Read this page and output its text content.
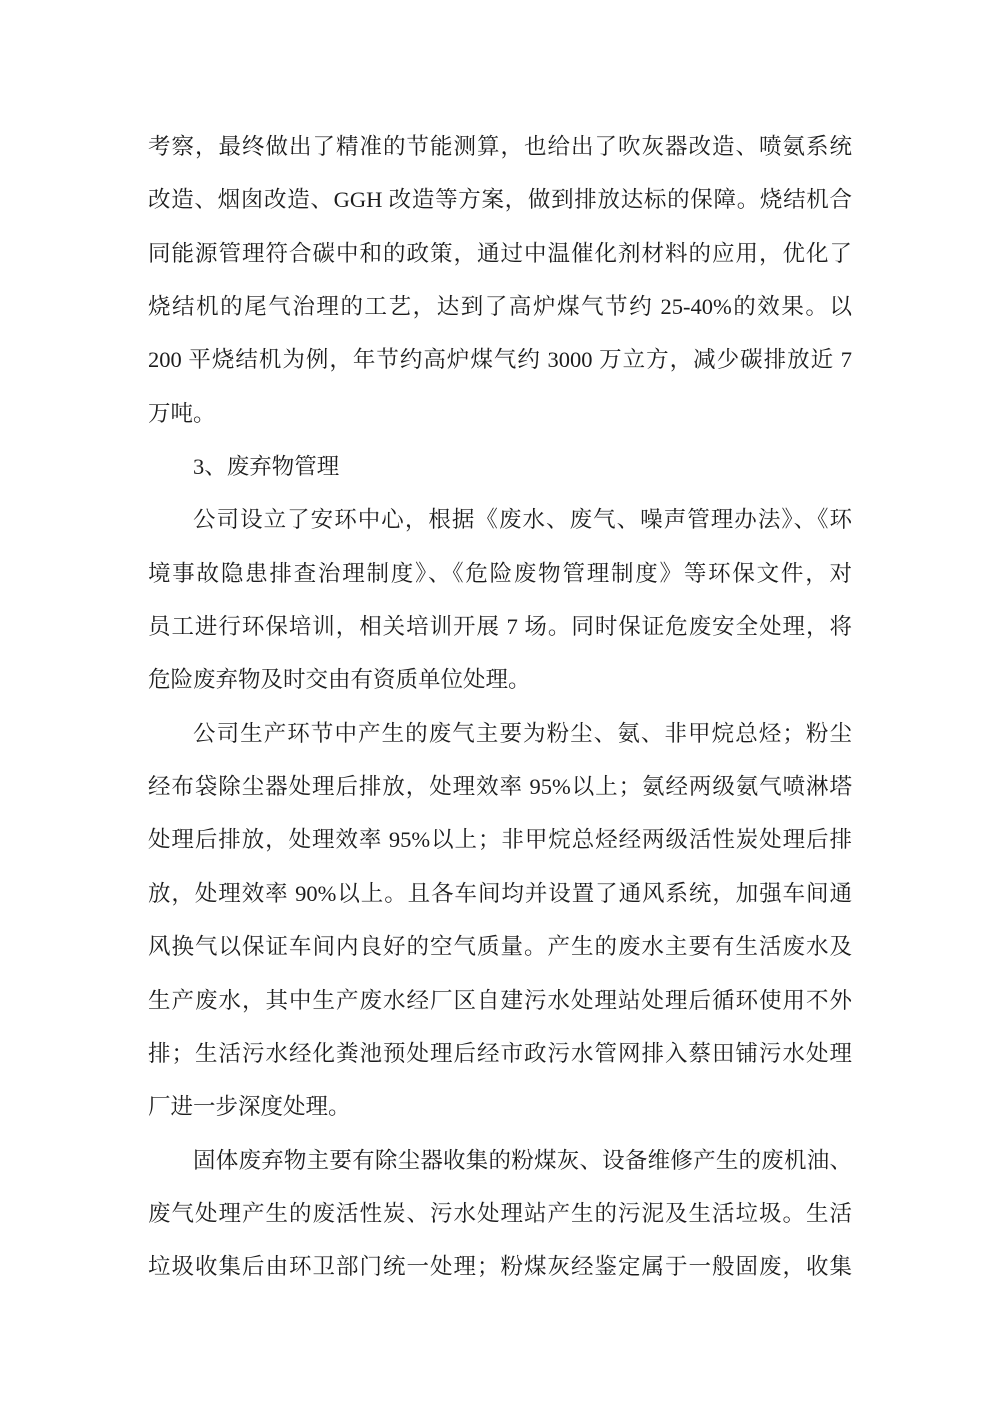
考察，最终做出了精准的节能测算，也给出了吹灰器改造、喷氨系统
改造、烟囱改造、GGH 改造等方案，做到排放达标的保障。烧结机合
同能源管理符合碳中和的政策，通过中温催化剂材料的应用，优化了
烧结机的尾气治理的工艺，达到了高炉煤气节约 25-40%的效果。以
200 平烧结机为例，年节约高炉煤气约 3000 万立方，减少碳排放近 7
万吨。
3、废弃物管理
公司设立了安环中心，根据《废水、废气、噪声管理办法》、《环
境事故隐患排查治理制度》、《危险废物管理制度》等环保文件，对
员工进行环保培训，相关培训开展 7 场。同时保证危废安全处理，将
危险废弃物及时交由有资质单位处理。
公司生产环节中产生的废气主要为粉尘、氨、非甲烷总烃；粉尘
经布袋除尘器处理后排放，处理效率 95%以上；氨经两级氨气喷淋塔
处理后排放，处理效率 95%以上；非甲烷总烃经两级活性炭处理后排
放，处理效率 90%以上。且各车间均并设置了通风系统，加强车间通
风换气以保证车间内良好的空气质量。产生的废水主要有生活废水及
生产废水，其中生产废水经厂区自建污水处理站处理后循环使用不外
排；生活污水经化粪池预处理后经市政污水管网排入蔡田铺污水处理
厂进一步深度处理。
固体废弃物主要有除尘器收集的粉煤灰、设备维修产生的废机油、
废气处理产生的废活性炭、污水处理站产生的污泥及生活垃圾。生活
垃圾收集后由环卫部门统一处理；粉煤灰经鉴定属于一般固废，收集
